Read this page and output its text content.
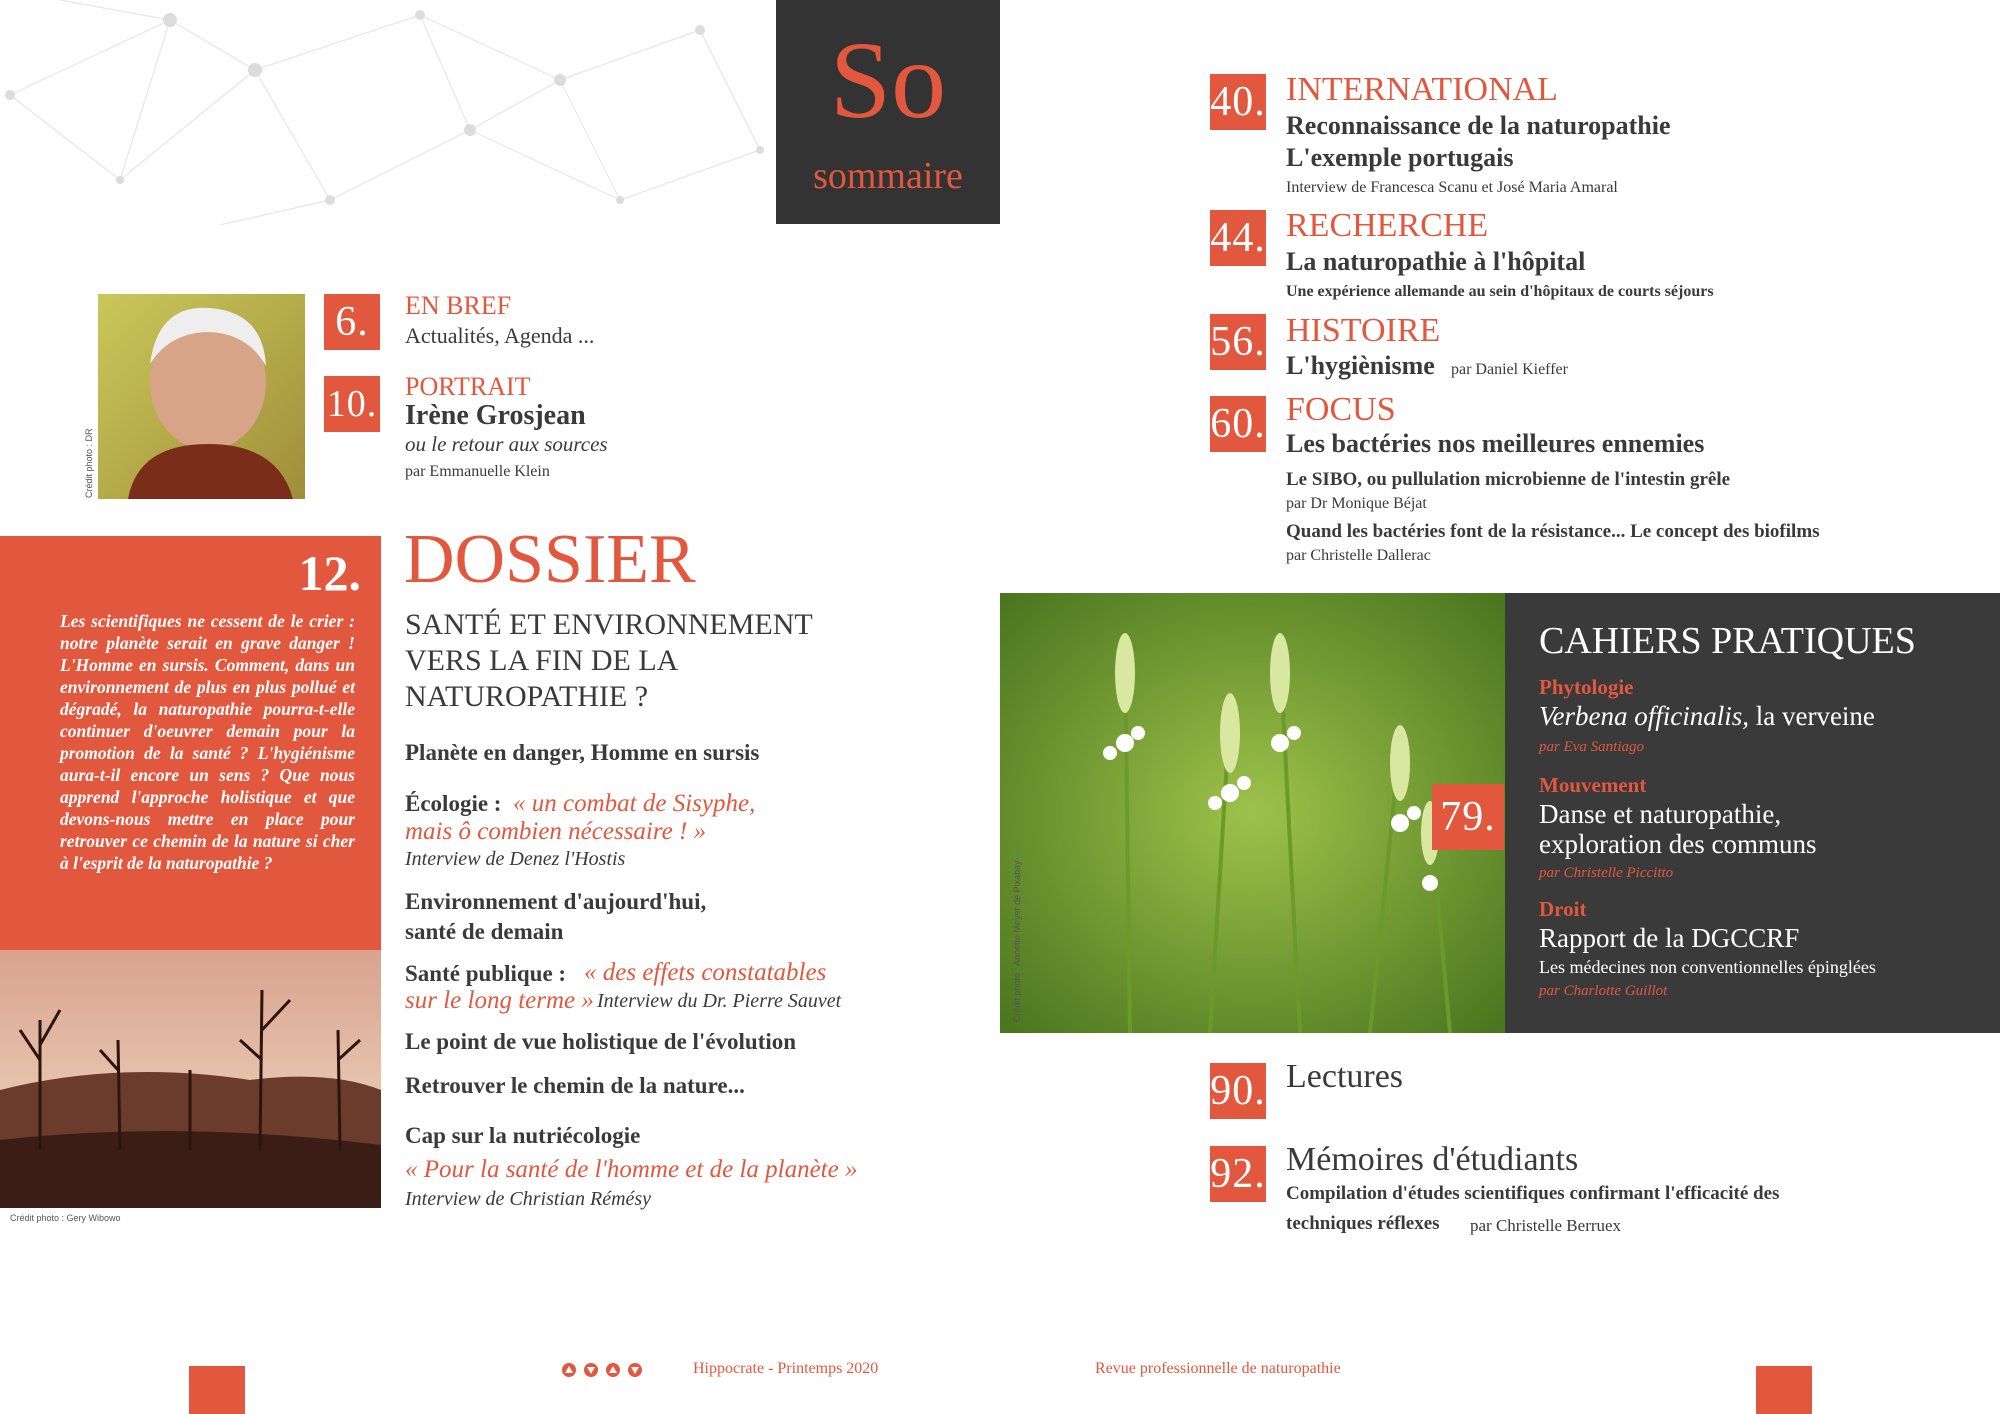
So
sommaire
Crédit photo : DR
6.	EN BREF
Actualités, Agenda ...
10. PORTRAIT
Irène Grosjean
ou le retour aux sources
par Emmanuelle Klein
12.
Les scientifiques ne cessent de le crier : notre planète serait en grave danger ! L'Homme en sursis. Comment, dans un environnement de plus en plus pollué et dégradé, la naturopathie pourra-t-elle continuer d'oeuvrer demain pour la promotion de la santé ? L'hygiénisme aura-t-il encore un sens ? Que nous apprend l'approche holistique et que devons-nous mettre en place pour retrouver ce chemin de la nature si cher à l'esprit de la naturopathie ?
Crédit photo : Gery Wibowo
DOSSIER
SANTÉ ET ENVIRONNEMENT
VERS LA FIN DE LA
NATUROPATHIE ?
Planète en danger, Homme en sursis
Écologie : « un combat de Sisyphe,
mais ô combien nécessaire ! »
Interview de Denez l'Hostis
Environnement d'aujourd'hui,
santé de demain
Santé publique : « des effets constatables
sur le long terme » Interview du Dr. Pierre Sauvet
Le point de vue holistique de l'évolution
Retrouver le chemin de la nature...
Cap sur la nutriécologie
« Pour la santé de l'homme et de la planète »
Interview de Christian Rémésy
40. INTERNATIONAL
Reconnaissance de la naturopathie
L'exemple portugais
Interview de Francesca Scanu et José Maria Amaral
44. RECHERCHE
La naturopathie à l'hôpital
Une expérience allemande au sein d'hôpitaux de courts séjours
56. HISTOIRE
L'hygiènisme par Daniel Kieffer
60. FOCUS
Les bactéries nos meilleures ennemies
Le SIBO, ou pullulation microbienne de l'intestin grêle
par Dr Monique Béjat
Quand les bactéries font de la résistance... Le concept des biofilms
par Christelle Dallerac
Crédit photo : Annette Meyer de Pixabay
CAHIERS PRATIQUES
Phytologie
Verbena officinalis, la verveine
par Eva Santiago
Mouvement
Danse et naturopathie,
exploration des communs
par Christelle Piccitto
Droit
Rapport de la DGCCRF
Les médecines non conventionnelles épinglées
par Charlotte Guillot
79.
90. Lectures
92. Mémoires d'étudiants
Compilation d'études scientifiques confirmant l'efficacité des
techniques réflexes par Christelle Berruex
Hippocrate - Printemps 2020	Revue professionnelle de naturopathie
